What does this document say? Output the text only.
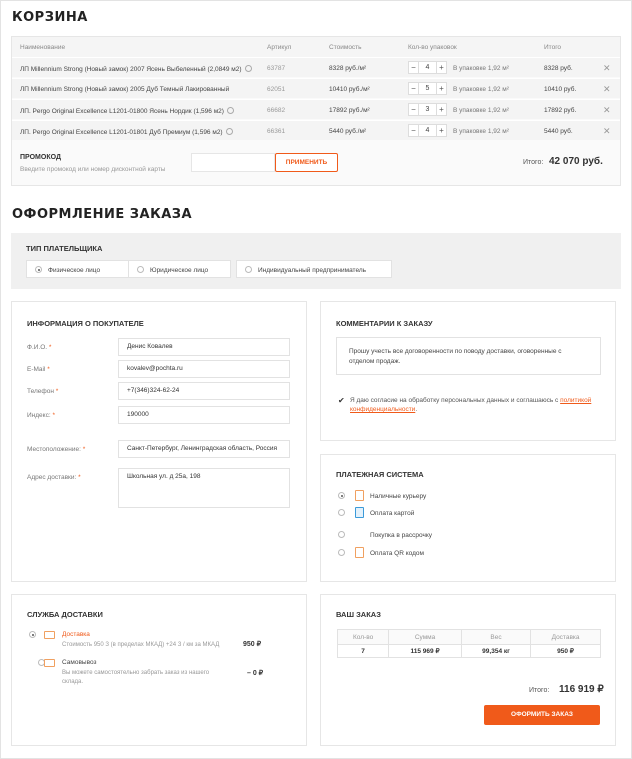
КОРЗИНА
Наименование	Артикул	Стоимость	Кол-во упаковок	Итого
ЛП Millennium Strong (Новый замок) 2007 Ясень Выбеленный (2,0849 м2)	63787	8328 руб./м²	−	4	+	В упаковке 1,92 м²	8328 руб.	✕
ЛП Millennium Strong (Новый замок) 2005 Дуб Темный Лакированный	62051	10410 руб./м²	−	5	+	В упаковке 1,92 м²	10410 руб.	✕
ЛП. Pergo Original Excellence L1201-01800 Ясень Нордик (1,596 м2)	66682	17892 руб./м²	−	3	+	В упаковке 1,92 м²	17892 руб.	✕
ЛП. Pergo Original Excellence L1201-01801 Дуб Премиум (1,596 м2)	66361	5440 руб./м²	−	4	+	В упаковке 1,92 м²	5440 руб.	✕
ПРОМОКОД
Введите промокод или номер дисконтной карты
ПРИМЕНИТЬ	Итого: 42 070 руб.
ОФОРМЛЕНИЕ ЗАКАЗА
ТИП ПЛАТЕЛЬЩИКА
Физическое лицо	Юридическое лицо	Индивидуальный предприниматель
ИНФОРМАЦИЯ О ПОКУПАТЕЛЕ
Ф.И.О. *	Денис Ковалев
E-Mail *	kovalev@pochta.ru
Телефон *	+7(346)324-62-24
Индекс: *	190000
Местоположение: *	Санкт-Петербург, Ленинградская область, Россия
Адрес доставки: *	Школьная ул. д 25а, 198
КОММЕНТАРИИ К ЗАКАЗУ
Прошу учесть все договоренности по поводу доставки, оговоренные с отделом продаж.
✔ Я даю согласие на обработку персональных данных и соглашаюсь с политикой конфиденциальности.
ПЛАТЕЖНАЯ СИСТЕМА
Наличные курьеру
Оплата картой
Покупка в рассрочку
Оплата QR кодом
СЛУЖБА ДОСТАВКИ

Доставка
Стоимость 950 З (в пределах МКАД) +24 З / км за МКАД	950 ₽
Самовывоз
Вы можете самостоятельно забрать заказ из нашего склада.
– 0 ₽
ВАШ ЗАКАЗ
Кол-во	Сумма	Вес	Доставка
7	115 969 ₽	99,354 кг	950 ₽
Итого: 116 919 ₽
ОФОРМИТЬ ЗАКАЗ
